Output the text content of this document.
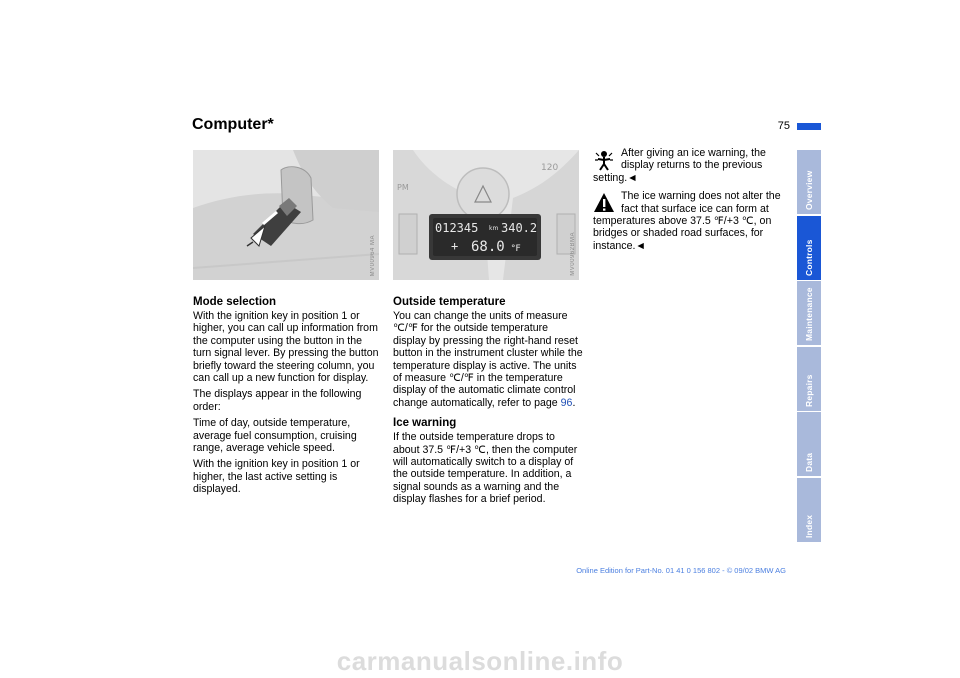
Computer*	75
MV00964 MA
120
PM
012345 km 340.2
+ 68.0 °F	MV00962BMA
Mode selection

With the ignition key in position 1 or higher, you can call up information from the computer using the button in the turn signal lever. By pressing the button briefly toward the steering column, you can call up a new function for display.

The displays appear in the following order:

Time of day, outside temperature, average fuel consumption, cruising range, average vehicle speed.

With the ignition key in position 1 or higher, the last active setting is displayed.

Outside temperature

You can change the units of measure ℃/℉ for the outside temperature display by pressing the right-hand reset button in the instrument cluster while the temperature display is active. The units of measure ℃/℉ in the temperature display of the automatic climate control change automatically, refer to page 96.

Ice warning

If the outside temperature drops to about 37.5 ℉/+3 ℃, then the computer will automatically switch to a display of the outside temperature. In addition, a signal sounds as a warning and the display flashes for a brief period.

After giving an ice warning, the display returns to the previous setting.◄

The ice warning does not alter the fact that surface ice can form at temperatures above 37.5 ℉/+3 ℃, on bridges or shaded road surfaces, for instance.◄

Overview
Controls
Maintenance
Repairs
Data
Index
Online Edition for Part-No. 01 41 0 156 802 - © 09/02 BMW AG
carmanualsonline.info
